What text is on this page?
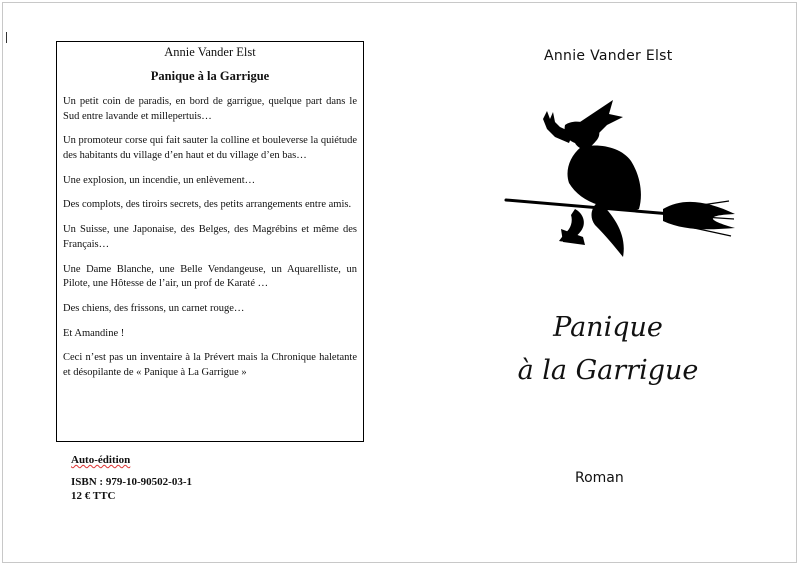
Annie Vander Elst
Panique à la Garrigue

Un petit coin de paradis, en bord de garrigue, quelque part dans le Sud entre lavande et millepertuis…

Un promoteur corse qui fait sauter la colline et bouleverse la quiétude des habitants du village d’en haut et du village d’en bas…

Une explosion, un incendie, un enlèvement…

Des complots, des tiroirs secrets, des petits arrangements entre amis.

Un Suisse, une Japonaise, des Belges, des Magrébins et même des Français…

Une Dame Blanche, une Belle Vendangeuse, un Aquarelliste, un Pilote, une Hôtesse de l’air, un prof de Karaté …

Des chiens, des frissons, un carnet rouge…

Et Amandine !

Ceci n’est pas un inventaire à la Prévert mais la Chronique haletante et désopilante de « Panique à La Garrigue »

Auto-édition
ISBN : 979-10-90502-03-1
12 € TTC
Annie Vander Elst
Panique
à la Garrigue
Roman
